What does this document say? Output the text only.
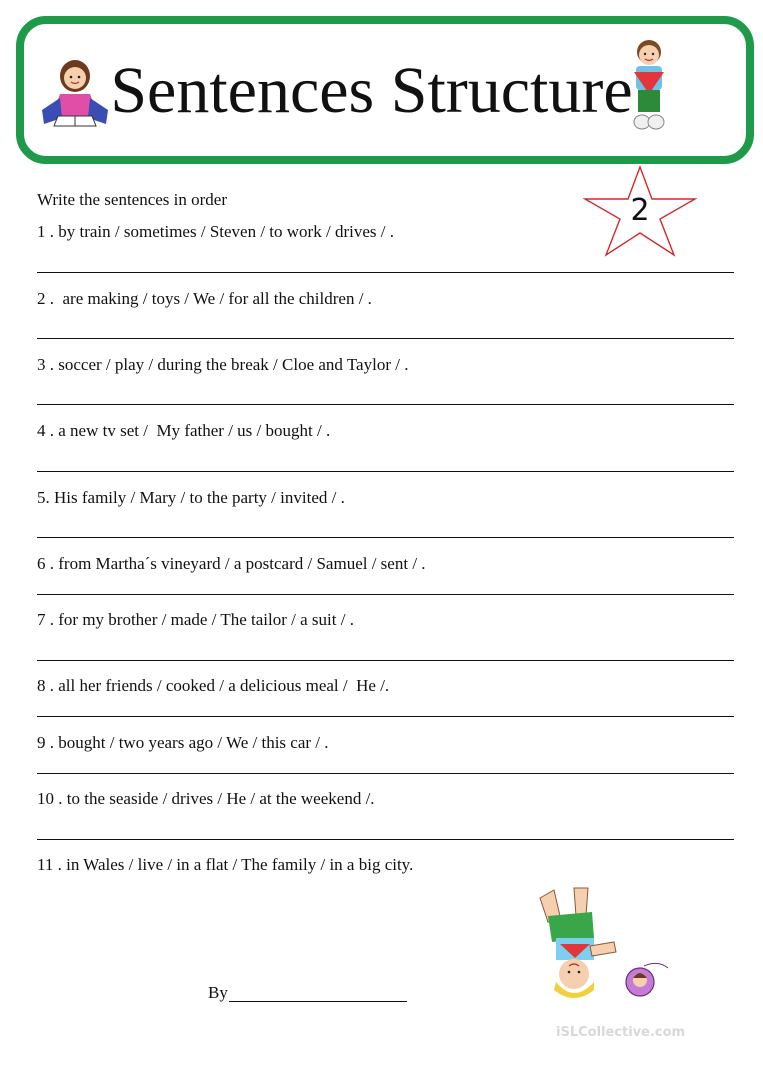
Sentences Structure
Write the sentences in order	2
1 . by train / sometimes / Steven / to work / drives / .
2 .  are making / toys / We / for all the children / .
3 . soccer / play / during the break / Cloe and Taylor / .
4 . a new tv set /  My father / us / bought / .
5. His family / Mary / to the party / invited / .
6 . from Martha´s vineyard / a postcard / Samuel / sent / .
7 . for my brother / made / The tailor / a suit / .
8 . all her friends / cooked / a delicious meal /  He /.
9 . bought / two years ago / We / this car / .
10 . to the seaside / drives / He / at the weekend /.
11 . in Wales / live / in a flat / The family / in a big city.
By
iSLCollective.com
